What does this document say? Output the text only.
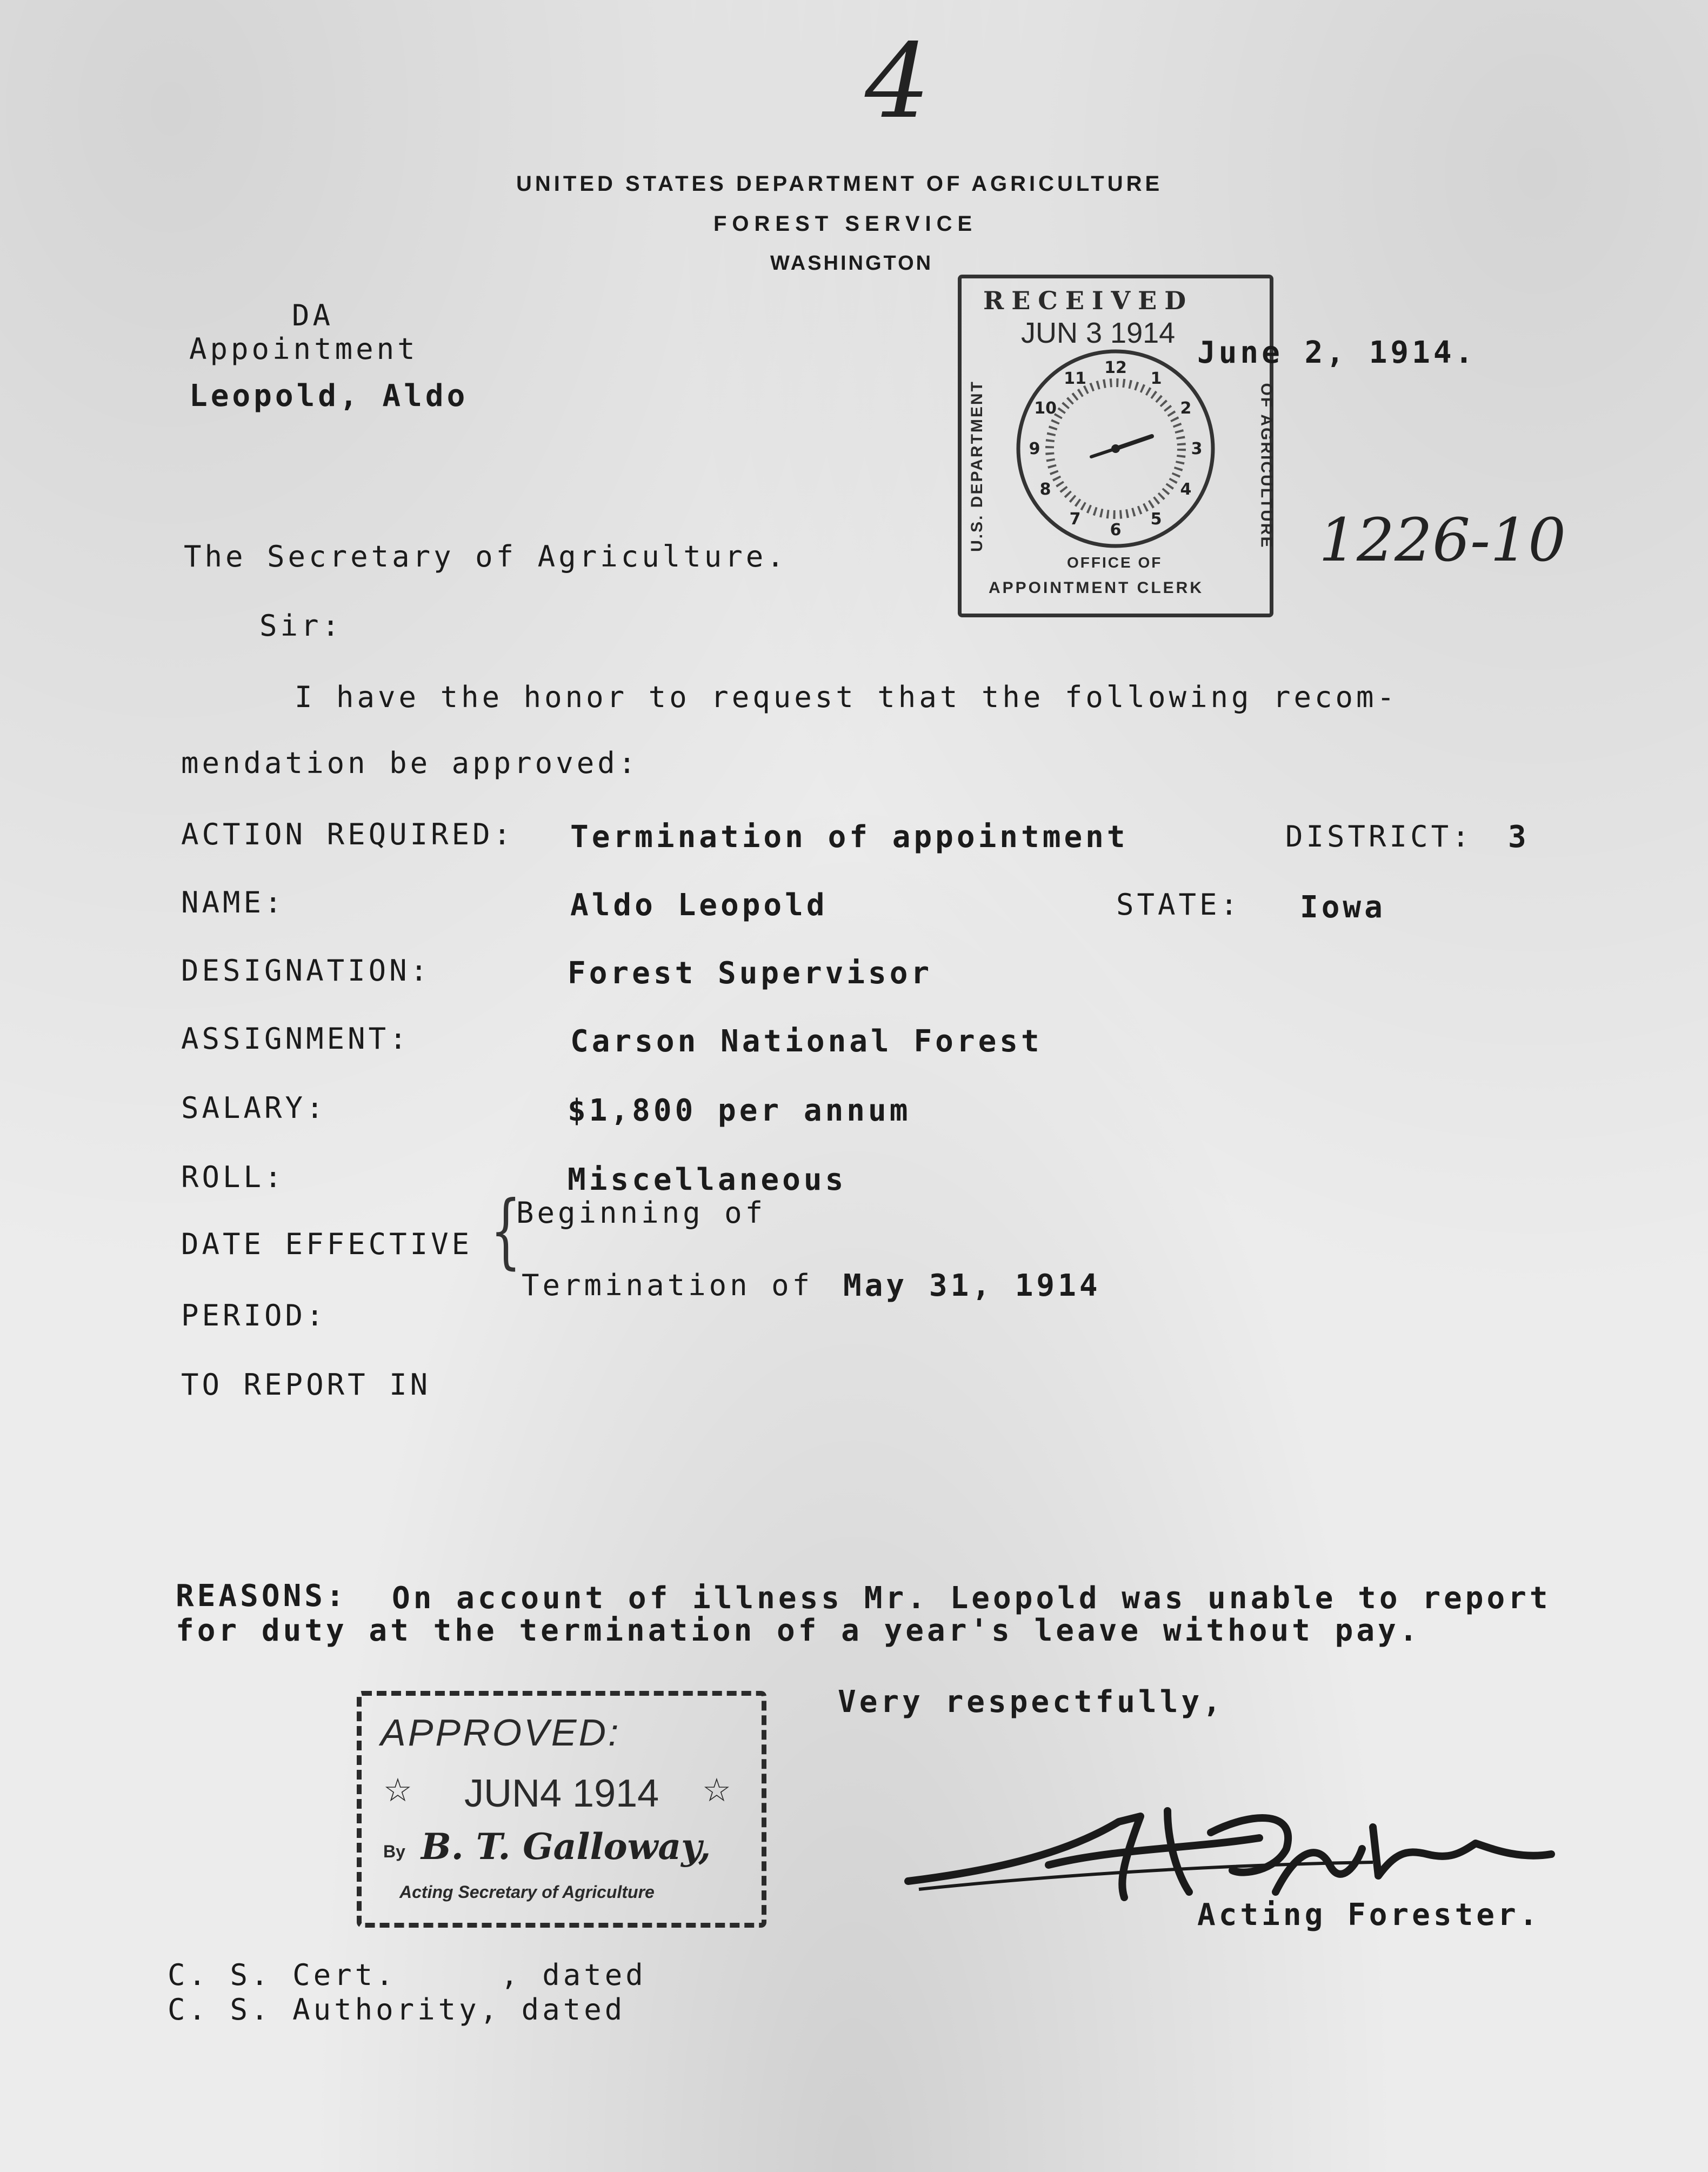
4
UNITED STATES DEPARTMENT OF AGRICULTURE
FOREST SERVICE
WASHINGTON
DA
Appointment
Leopold, Aldo
RECEIVED
JUN 3 1914
U.S. DEPARTMENT	OF AGRICULTURE
OFFICE OF
APPOINTMENT CLERK
12
1
2
3
4
5
6
7
8
9
10
11
June 2, 1914.
1226-10
The Secretary of Agriculture.
Sir:
I have the honor to request that the following recom-
mendation be approved:
ACTION REQUIRED: Termination of appointment	DISTRICT: 3
NAME:	Aldo Leopold	STATE: Iowa
DESIGNATION:	Forest Supervisor
ASSIGNMENT:	Carson National Forest
SALARY:	$1,800 per annum
ROLL:	Miscellaneous
DATE EFFECTIVE {
Beginning of
Termination of May 31, 1914
PERIOD:
TO REPORT IN
REASONS: On account of illness Mr. Leopold was unable to report
for duty at the termination of a year's leave without pay.
Very respectfully,
Acting Forester.
APPROVED:
☆ JUN4 1914 ☆
By B. T. Galloway,
Acting Secretary of Agriculture
C. S. Cert.     , dated
C. S. Authority, dated
